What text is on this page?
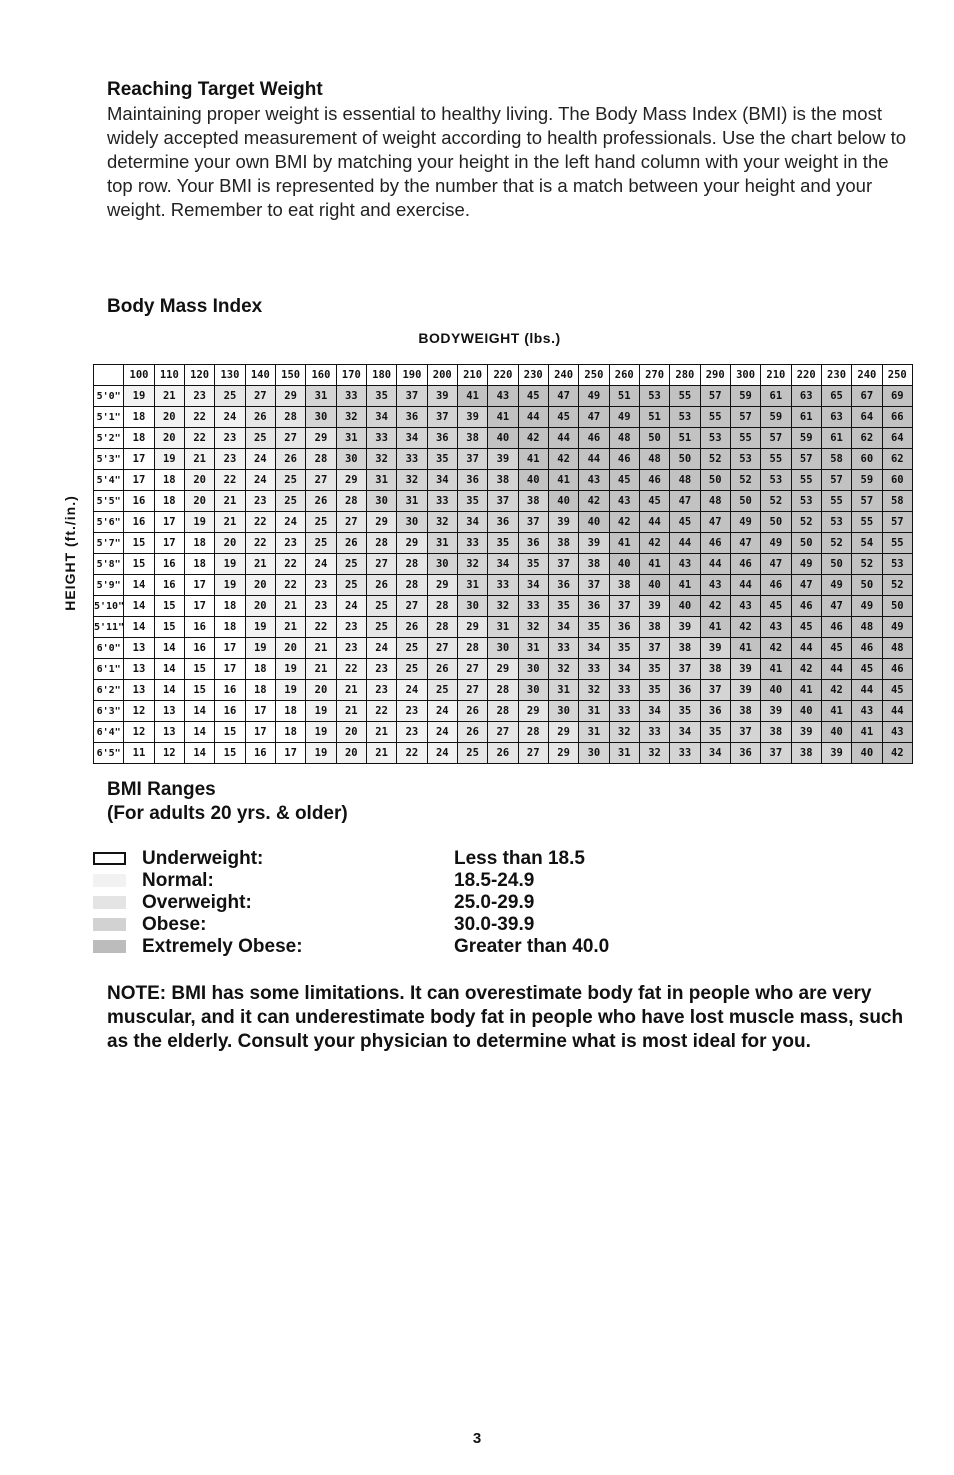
Reaching Target Weight

Maintaining proper weight is essential to healthy living. The Body Mass Index (BMI) is the most widely accepted measurement of weight according to health professionals. Use the chart below to determine your own BMI by matching your height in the left hand column with your weight in the top row. Your BMI is represented by the number that is a match between your height and your weight. Remember to eat right and exercise.

Body Mass Index
BODYWEIGHT (lbs.)
HEIGHT (ft./in.)
	100	110	120	130	140	150	160	170	180	190	200	210	220	230	240	250	260	270	280	290	300	210	220	230	240	250
5'0"	19	21	23	25	27	29	31	33	35	37	39	41	43	45	47	49	51	53	55	57	59	61	63	65	67	69
5'1"	18	20	22	24	26	28	30	32	34	36	37	39	41	44	45	47	49	51	53	55	57	59	61	63	64	66
5'2"	18	20	22	23	25	27	29	31	33	34	36	38	40	42	44	46	48	50	51	53	55	57	59	61	62	64
5'3"	17	19	21	23	24	26	28	30	32	33	35	37	39	41	42	44	46	48	50	52	53	55	57	58	60	62
5'4"	17	18	20	22	24	25	27	29	31	32	34	36	38	40	41	43	45	46	48	50	52	53	55	57	59	60
5'5"	16	18	20	21	23	25	26	28	30	31	33	35	37	38	40	42	43	45	47	48	50	52	53	55	57	58
5'6"	16	17	19	21	22	24	25	27	29	30	32	34	36	37	39	40	42	44	45	47	49	50	52	53	55	57
5'7"	15	17	18	20	22	23	25	26	28	29	31	33	35	36	38	39	41	42	44	46	47	49	50	52	54	55
5'8"	15	16	18	19	21	22	24	25	27	28	30	32	34	35	37	38	40	41	43	44	46	47	49	50	52	53
5'9"	14	16	17	19	20	22	23	25	26	28	29	31	33	34	36	37	38	40	41	43	44	46	47	49	50	52
5'10"	14	15	17	18	20	21	23	24	25	27	28	30	32	33	35	36	37	39	40	42	43	45	46	47	49	50
5'11"	14	15	16	18	19	21	22	23	25	26	28	29	31	32	34	35	36	38	39	41	42	43	45	46	48	49
6'0"	13	14	16	17	19	20	21	23	24	25	27	28	30	31	33	34	35	37	38	39	41	42	44	45	46	48
6'1"	13	14	15	17	18	19	21	22	23	25	26	27	29	30	32	33	34	35	37	38	39	41	42	44	45	46
6'2"	13	14	15	16	18	19	20	21	23	24	25	27	28	30	31	32	33	35	36	37	39	40	41	42	44	45
6'3"	12	13	14	16	17	18	19	21	22	23	24	26	28	29	30	31	33	34	35	36	38	39	40	41	43	44
6'4"	12	13	14	15	17	18	19	20	21	23	24	26	27	28	29	31	32	33	34	35	37	38	39	40	41	43
6'5"	11	12	14	15	16	17	19	20	21	22	24	25	26	27	29	30	31	32	33	34	36	37	38	39	40	42
BMI Ranges
(For adults 20 yrs. & older)
Underweight:	Less than 18.5
Normal:	18.5-24.9
Overweight:	25.0-29.9
Obese:	30.0-39.9
Extremely Obese:	Greater than 40.0

NOTE: BMI has some limitations. It can overestimate body fat in people who are very muscular, and it can underestimate body fat in people who have lost muscle mass, such as the elderly. Consult your physician to determine what is most ideal for you.

3
